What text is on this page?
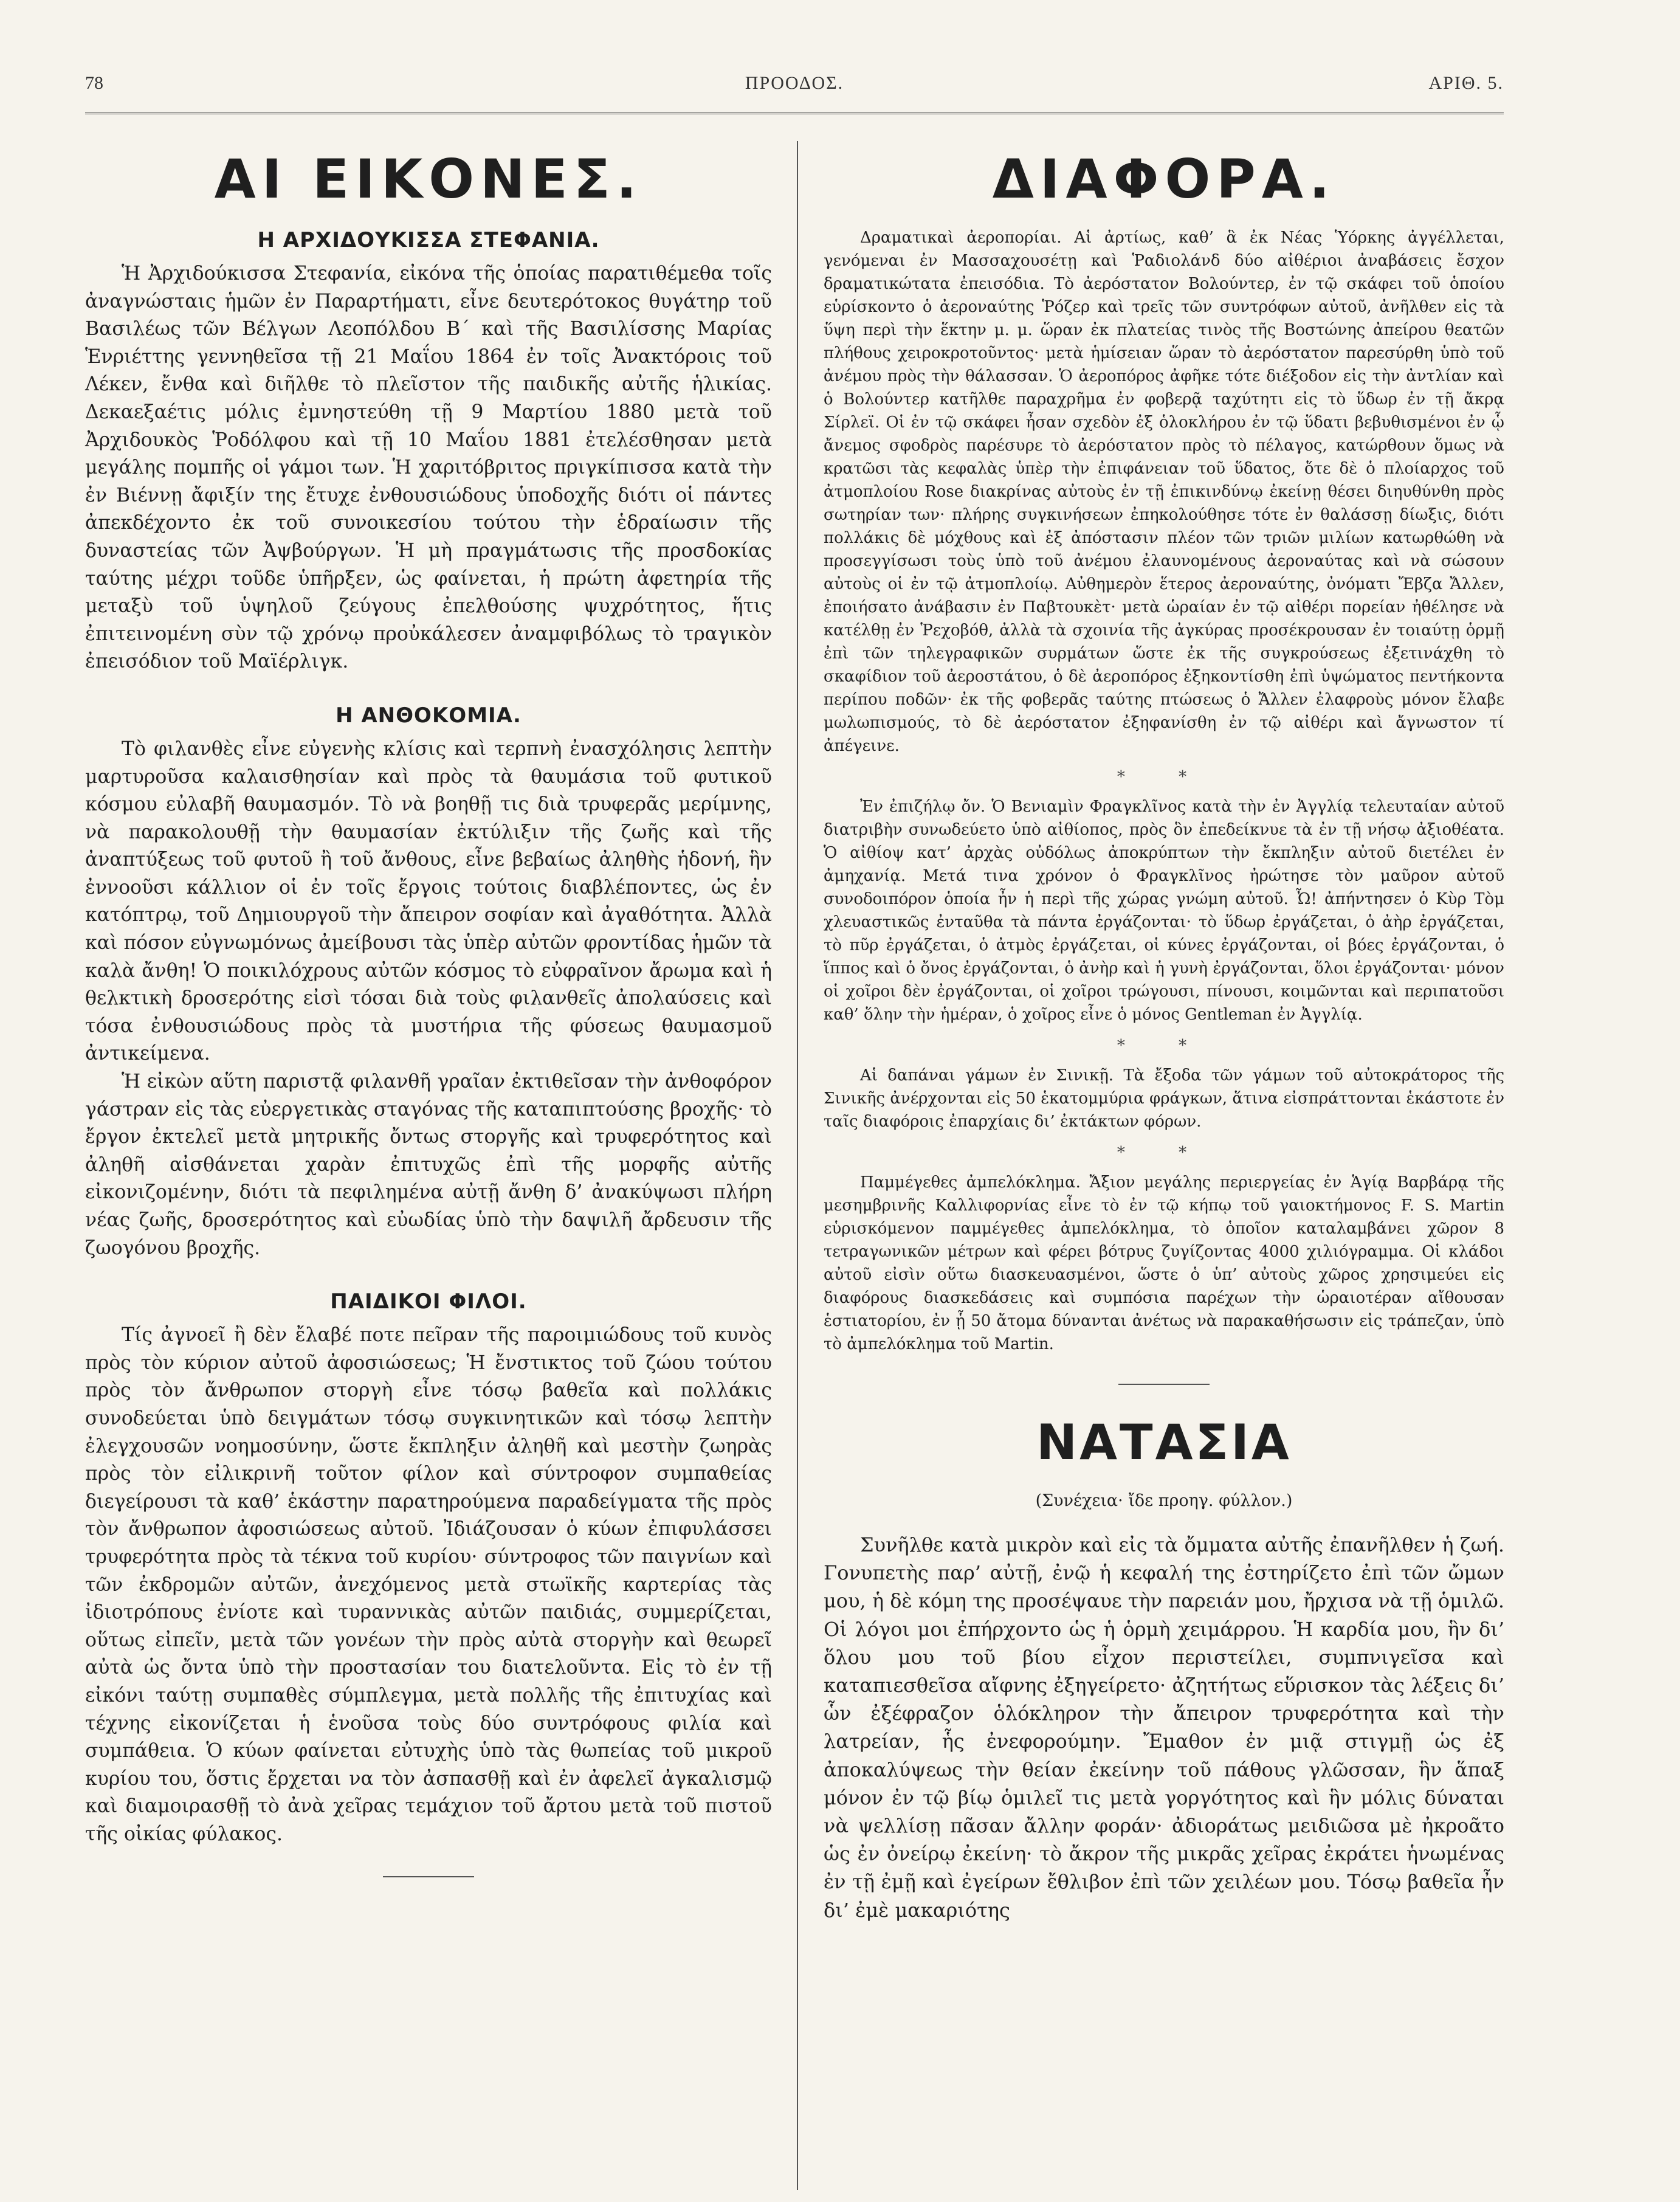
78	ΠΡΟΟΔΟΣ.	ΑΡΙΘ. 5.
ΑΙ ΕΙΚΟΝΕΣ.
Η ΑΡΧΙΔΟΥΚΙΣΣΑ ΣΤΕΦΑΝΙΑ.

Ἡ Ἀρχιδούκισσα Στεφανία, εἰκόνα τῆς ὁποίας παρατιθέμεθα τοῖς ἀναγνώσταις ἡμῶν ἐν Παραρτήματι, εἶνε δευτερότοκος θυγάτηρ τοῦ Βασιλέως τῶν Βέλγων Λεοπόλδου Β΄ καὶ τῆς Βασιλίσσης Μαρίας Ἑνριέττης γεννηθεῖσα τῇ 21 Μαΐου 1864 ἐν τοῖς Ἀνακτόροις τοῦ Λέκεν, ἔνθα καὶ διῆλθε τὸ πλεῖστον τῆς παιδικῆς αὐτῆς ἡλικίας. Δεκαεξαέτις μόλις ἐμνηστεύθη τῇ 9 Μαρτίου 1880 μετὰ τοῦ Ἀρχιδουκὸς Ῥοδόλφου καὶ τῇ 10 Μαΐου 1881 ἐτελέσθησαν μετὰ μεγάλης πομπῆς οἱ γάμοι των. Ἡ χαριτόβριτος πριγκίπισσα κατὰ τὴν ἐν Βιέννῃ ἄφιξίν της ἔτυχε ἐνθουσιώδους ὑποδοχῆς διότι οἱ πάντες ἀπεκδέχοντο ἐκ τοῦ συνοικεσίου τούτου τὴν ἑδραίωσιν τῆς δυναστείας τῶν Ἀψβούργων. Ἡ μὴ πραγμάτωσις τῆς προσδοκίας ταύτης μέχρι τοῦδε ὑπῆρξεν, ὡς φαίνεται, ἡ πρώτη ἀφετηρία τῆς μεταξὺ τοῦ ὑψηλοῦ ζεύγους ἐπελθούσης ψυχρότητος, ἥτις ἐπιτεινομένη σὺν τῷ χρόνῳ προὐκάλεσεν ἀναμφιβόλως τὸ τραγικὸν ἐπεισόδιον τοῦ Μαϊέρλιγκ.

Η ΑΝΘΟΚΟΜΙΑ.

Τὸ φιλανθὲς εἶνε εὐγενὴς κλίσις καὶ τερπνὴ ἐνασχόλησις λεπτὴν μαρτυροῦσα καλαισθησίαν καὶ πρὸς τὰ θαυμάσια τοῦ φυτικοῦ κόσμου εὐλαβῆ θαυμασμόν. Τὸ νὰ βοηθῇ τις διὰ τρυφερᾶς μερίμνης, νὰ παρακολουθῇ τὴν θαυμασίαν ἐκτύλιξιν τῆς ζωῆς καὶ τῆς ἀναπτύξεως τοῦ φυτοῦ ἢ τοῦ ἄνθους, εἶνε βεβαίως ἀληθὴς ἡδονή, ἣν ἐννοοῦσι κάλλιον οἱ ἐν τοῖς ἔργοις τούτοις διαβλέποντες, ὡς ἐν κατόπτρῳ, τοῦ Δημιουργοῦ τὴν ἄπειρον σοφίαν καὶ ἀγαθότητα. Ἀλλὰ καὶ πόσον εὐγνωμόνως ἀμείβουσι τὰς ὑπὲρ αὐτῶν φροντίδας ἡμῶν τὰ καλὰ ἄνθη! Ὁ ποικιλόχρους αὐτῶν κόσμος τὸ εὐφραῖνον ἄρωμα καὶ ἡ θελκτικὴ δροσερότης εἰσὶ τόσαι διὰ τοὺς φιλανθεῖς ἀπολαύσεις καὶ τόσα ἐνθουσιώδους πρὸς τὰ μυστήρια τῆς φύσεως θαυμασμοῦ ἀντικείμενα.

Ἡ εἰκὼν αὕτη παριστᾷ φιλανθῆ γραῖαν ἐκτιθεῖσαν τὴν ἀνθοφόρον γάστραν εἰς τὰς εὐεργετικὰς σταγόνας τῆς καταπιπτούσης βροχῆς· τὸ ἔργον ἐκτελεῖ μετὰ μητρικῆς ὄντως στοργῆς καὶ τρυφερότητος καὶ ἀληθῆ αἰσθάνεται χαρὰν ἐπιτυχῶς ἐπὶ τῆς μορφῆς αὐτῆς εἰκονιζομένην, διότι τὰ πεφιλημένα αὐτῇ ἄνθη δ’ ἀνακύψωσι πλήρη νέας ζωῆς, δροσερότητος καὶ εὐωδίας ὑπὸ τὴν δαψιλῆ ἄρδευσιν τῆς ζωογόνου βροχῆς.

ΠΑΙΔΙΚΟΙ ΦΙΛΟΙ.

Τίς ἀγνοεῖ ἢ δὲν ἔλαβέ ποτε πεῖραν τῆς παροιμιώδους τοῦ κυνὸς πρὸς τὸν κύριον αὐτοῦ ἀφοσιώσεως; Ἡ ἔνστικτος τοῦ ζώου τούτου πρὸς τὸν ἄνθρωπον στοργὴ εἶνε τόσῳ βαθεῖα καὶ πολλάκις συνοδεύεται ὑπὸ δειγμάτων τόσῳ συγκινητικῶν καὶ τόσῳ λεπτὴν ἐλεγχουσῶν νοημοσύνην, ὥστε ἔκπληξιν ἀληθῆ καὶ μεστὴν ζωηρὰς πρὸς τὸν εἰλικρινῆ τοῦτον φίλον καὶ σύντροφον συμπαθείας διεγείρουσι τὰ καθ’ ἑκάστην παρατηρούμενα παραδείγματα τῆς πρὸς τὸν ἄνθρωπον ἀφοσιώσεως αὐτοῦ. Ἰδιάζουσαν ὁ κύων ἐπιφυλάσσει τρυφερότητα πρὸς τὰ τέκνα τοῦ κυρίου· σύντροφος τῶν παιγνίων καὶ τῶν ἐκδρομῶν αὐτῶν, ἀνεχόμενος μετὰ στωϊκῆς καρτερίας τὰς ἰδιοτρόπους ἐνίοτε καὶ τυραννικὰς αὐτῶν παιδιάς, συμμερίζεται, οὕτως εἰπεῖν, μετὰ τῶν γονέων τὴν πρὸς αὐτὰ στοργὴν καὶ θεωρεῖ αὐτὰ ὡς ὄντα ὑπὸ τὴν προστασίαν του διατελοῦντα. Εἰς τὸ ἐν τῇ εἰκόνι ταύτῃ συμπαθὲς σύμπλεγμα, μετὰ πολλῆς τῆς ἐπιτυχίας καὶ τέχνης εἰκονίζεται ἡ ἑνοῦσα τοὺς δύο συντρόφους φιλία καὶ συμπάθεια. Ὁ κύων φαίνεται εὐτυχὴς ὑπὸ τὰς θωπείας τοῦ μικροῦ κυρίου του, ὅστις ἔρχεται να τὸν ἀσπασθῇ καὶ ἐν ἀφελεῖ ἀγκαλισμῷ καὶ διαμοιρασθῇ τὸ ἀνὰ χεῖρας τεμάχιον τοῦ ἄρτου μετὰ τοῦ πιστοῦ τῆς οἰκίας φύλακος.

ΔΙΑΦΟΡΑ.

Δραματικαὶ ἀεροπορίαι. Αἱ ἀρτίως, καθ’ ἃ ἐκ Νέας Ὑόρκης ἀγγέλλεται, γενόμεναι ἐν Μασσαχουσέτῃ καὶ Ῥαδιολάνδ δύο αἰθέριοι ἀναβάσεις ἔσχον δραματικώτατα ἐπεισόδια. Τὸ ἀερόστατον Βολούντερ, ἐν τῷ σκάφει τοῦ ὁποίου εὑρίσκοντο ὁ ἀεροναύτης Ῥόζερ καὶ τρεῖς τῶν συντρόφων αὐτοῦ, ἀνῆλθεν εἰς τὰ ὕψη περὶ τὴν ἕκτην μ. μ. ὥραν ἐκ πλατείας τινὸς τῆς Βοστώνης ἀπείρου θεατῶν πλήθους χειροκροτοῦντος· μετὰ ἡμίσειαν ὥραν τὸ ἀερόστατον παρεσύρθη ὑπὸ τοῦ ἀνέμου πρὸς τὴν θάλασσαν. Ὁ ἀεροπόρος ἀφῆκε τότε διέξοδον εἰς τὴν ἀντλίαν καὶ ὁ Βολούντερ κατῆλθε παραχρῆμα ἐν φοβερᾷ ταχύτητι εἰς τὸ ὕδωρ ἐν τῇ ἄκρᾳ Σίρλεϊ. Οἱ ἐν τῷ σκάφει ἦσαν σχεδὸν ἐξ ὁλοκλήρου ἐν τῷ ὕδατι βεβυθισμένοι ἐν ᾧ ἄνεμος σφοδρὸς παρέσυρε τὸ ἀερόστατον πρὸς τὸ πέλαγος, κατώρθουν ὅμως νὰ κρατῶσι τὰς κεφαλὰς ὑπὲρ τὴν ἐπιφάνειαν τοῦ ὕδατος, ὅτε δὲ ὁ πλοίαρχος τοῦ ἀτμοπλοίου Rose διακρίνας αὐτοὺς ἐν τῇ ἐπικινδύνῳ ἐκείνῃ θέσει διηυθύνθη πρὸς σωτηρίαν των· πλήρης συγκινήσεων ἐπηκολούθησε τότε ἐν θαλάσσῃ δίωξις, διότι πολλάκις δὲ μόχθους καὶ ἐξ ἀπόστασιν πλέον τῶν τριῶν μιλίων κατωρθώθη νὰ προσεγγίσωσι τοὺς ὑπὸ τοῦ ἀνέμου ἐλαυνομένους ἀεροναύτας καὶ νὰ σώσουν αὐτοὺς οἱ ἐν τῷ ἀτμοπλοίῳ. Αὐθημερὸν ἕτερος ἀεροναύτης, ὀνόματι Ἔβζα Ἄλλεν, ἐποιήσατο ἀνάβασιν ἐν Παβτουκὲτ· μετὰ ὡραίαν ἐν τῷ αἰθέρι πορείαν ἠθέλησε νὰ κατέλθῃ ἐν Ῥεχοβόθ, ἀλλὰ τὰ σχοινία τῆς ἀγκύρας προσέκρουσαν ἐν τοιαύτῃ ὁρμῇ ἐπὶ τῶν τηλεγραφικῶν συρμάτων ὥστε ἐκ τῆς συγκρούσεως ἐξετινάχθη τὸ σκαφίδιον τοῦ ἀεροστάτου, ὁ δὲ ἀεροπόρος ἐξηκοντίσθη ἐπὶ ὑψώματος πεντήκοντα περίπου ποδῶν· ἐκ τῆς φοβερᾶς ταύτης πτώσεως ὁ Ἄλλεν ἐλαφροὺς μόνον ἔλαβε μωλωπισμούς, τὸ δὲ ἀερόστατον ἐξηφανίσθη ἐν τῷ αἰθέρι καὶ ἄγνωστον τί ἀπέγεινε.

* *

Ἐν ἐπιζήλῳ ὄν. Ὁ Βενιαμὶν Φραγκλῖνος κατὰ τὴν ἐν Ἀγγλίᾳ τελευταίαν αὐτοῦ διατριβὴν συνωδεύετο ὑπὸ αἰθίοπος, πρὸς ὃν ἐπεδείκνυε τὰ ἐν τῇ νήσῳ ἀξιοθέατα. Ὁ αἰθίοψ κατ’ ἀρχὰς οὐδόλως ἀποκρύπτων τὴν ἔκπληξιν αὐτοῦ διετέλει ἐν ἀμηχανίᾳ. Μετά τινα χρόνον ὁ Φραγκλῖνος ἠρώτησε τὸν μαῦρον αὐτοῦ συνοδοιπόρον ὁποία ἦν ἡ περὶ τῆς χώρας γνώμη αὐτοῦ. Ὦ! ἀπήντησεν ὁ Κὺρ Τὸμ χλευαστικῶς ἐνταῦθα τὰ πάντα ἐργάζονται· τὸ ὕδωρ ἐργάζεται, ὁ ἀὴρ ἐργάζεται, τὸ πῦρ ἐργάζεται, ὁ ἀτμὸς ἐργάζεται, οἱ κύνες ἐργάζονται, οἱ βόες ἐργάζονται, ὁ ἵππος καὶ ὁ ὄνος ἐργάζονται, ὁ ἀνὴρ καὶ ἡ γυνὴ ἐργάζονται, ὅλοι ἐργάζονται· μόνον οἱ χοῖροι δὲν ἐργάζονται, οἱ χοῖροι τρώγουσι, πίνουσι, κοιμῶνται καὶ περιπατοῦσι καθ’ ὅλην τὴν ἡμέραν, ὁ χοῖρος εἶνε ὁ μόνος Gentleman ἐν Ἀγγλίᾳ.

* *

Αἱ δαπάναι γάμων ἐν Σινικῇ. Τὰ ἔξοδα τῶν γάμων τοῦ αὐτοκράτορος τῆς Σινικῆς ἀνέρχονται εἰς 50 ἑκατομμύρια φράγκων, ἅτινα εἰσπράττονται ἑκάστοτε ἐν ταῖς διαφόροις ἐπαρχίαις δι’ ἐκτάκτων φόρων.

* *

Παμμέγεθες ἀμπελόκλημα. Ἄξιον μεγάλης περιεργείας ἐν Ἁγίᾳ Βαρβάρᾳ τῆς μεσημβρινῆς Καλλιφορνίας εἶνε τὸ ἐν τῷ κήπῳ τοῦ γαιοκτήμονος F. S. Martin εὑρισκόμενον παμμέγεθες ἀμπελόκλημα, τὸ ὁποῖον καταλαμβάνει χῶρον 8 τετραγωνικῶν μέτρων καὶ φέρει βότρυς ζυγίζοντας 4000 χιλιόγραμμα. Οἱ κλάδοι αὐτοῦ εἰσὶν οὕτω διασκευασμένοι, ὥστε ὁ ὑπ’ αὐτοὺς χῶρος χρησιμεύει εἰς διαφόρους διασκεδάσεις καὶ συμπόσια παρέχων τὴν ὡραιοτέραν αἴθουσαν ἑστιατορίου, ἐν ᾗ 50 ἄτομα δύνανται ἀνέτως νὰ παρακαθήσωσιν εἰς τράπεζαν, ὑπὸ τὸ ἀμπελόκλημα τοῦ Martin.

ΝΑΤΑΣΙΑ
(Συνέχεια· ἴδε προηγ. φύλλον.)

Συνῆλθε κατὰ μικρὸν καὶ εἰς τὰ ὄμματα αὐτῆς ἐπανῆλθεν ἡ ζωή. Γονυπετὴς παρ’ αὐτῇ, ἐνῷ ἡ κεφαλή της ἐστηρίζετο ἐπὶ τῶν ὤμων μου, ἡ δὲ κόμη της προσέψαυε τὴν παρειάν μου, ἤρχισα νὰ τῇ ὁμιλῶ. Οἱ λόγοι μοι ἐπήρχοντο ὡς ἡ ὁρμὴ χειμάρρου. Ἡ καρδία μου, ἣν δι’ ὅλου μου τοῦ βίου εἶχον περιστείλει, συμπνιγεῖσα καὶ καταπιεσθεῖσα αἴφνης ἐξηγείρετο· ἀζητήτως εὕρισκον τὰς λέξεις δι’ ὧν ἐξέφραζον ὁλόκληρον τὴν ἄπειρον τρυφερότητα καὶ τὴν λατρείαν, ἧς ἐνεφορούμην. Ἔμαθον ἐν μιᾷ στιγμῇ ὡς ἐξ ἀποκαλύψεως τὴν θείαν ἐκείνην τοῦ πάθους γλῶσσαν, ἣν ἅπαξ μόνον ἐν τῷ βίῳ ὁμιλεῖ τις μετὰ γοργότητος καὶ ἣν μόλις δύναται νὰ ψελλίσῃ πᾶσαν ἄλλην φοράν· ἀδιοράτως μειδιῶσα μὲ ἠκροᾶτο ὡς ἐν ὀνείρῳ ἐκείνη· τὸ ἄκρον τῆς μικρᾶς χεῖρας ἐκράτει ἡνωμένας ἐν τῇ ἐμῇ καὶ ἐγείρων ἔθλιβον ἐπὶ τῶν χειλέων μου. Τόσῳ βαθεῖα ἦν δι’ ἐμὲ μακαριότης
